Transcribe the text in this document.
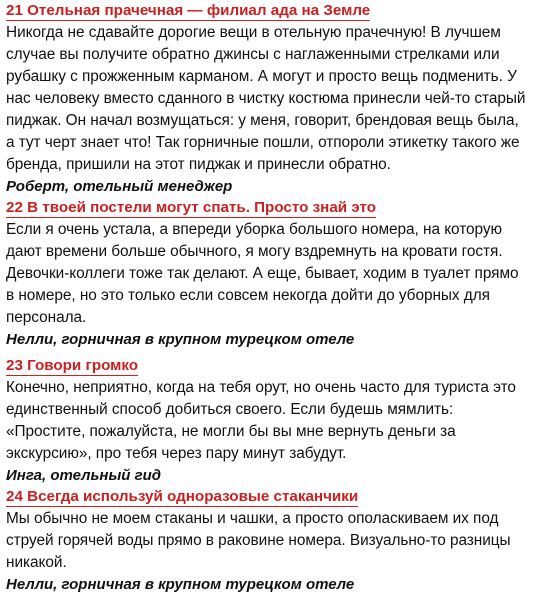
21 Отельная прачечная — филиал ада на Земле

Никогда не сдавайте дорогие вещи в отельную прачечную! В лучшем случае вы получите обратно джинсы с наглаженными стрелками или рубашку с прожженным карманом. А могут и просто вещь подменить. У нас человеку вместо сданного в чистку костюма принесли чей-то старый пиджак. Он начал возмущаться: у меня, говорит, брендовая вещь была, а тут черт знает что! Так горничные пошли, отпороли этикетку такого же бренда, пришили на этот пиджак и принесли обратно.

Роберт, отельный менеджер

22 В твоей постели могут спать. Просто знай это

Если я очень устала, а впереди уборка большого номера, на которую дают времени больше обычного, я могу вздремнуть на кровати гостя. Девочки-коллеги тоже так делают. А еще, бывает, ходим в туалет прямо в номере, но это только если совсем некогда дойти до уборных для персонала.

Нелли, горничная в крупном турецком отеле

23 Говори громко

Конечно, неприятно, когда на тебя орут, но очень часто для туриста это единственный способ добиться своего. Если будешь мямлить: «Простите, пожалуйста, не могли бы вы мне вернуть деньги за экскурсию», про тебя через пару минут забудут.

Инга, отельный гид

24 Всегда используй одноразовые стаканчики

Мы обычно не моем стаканы и чашки, а просто ополаскиваем их под струей горячей воды прямо в раковине номера. Визуально-то разницы никакой.

Нелли, горничная в крупном турецком отеле
